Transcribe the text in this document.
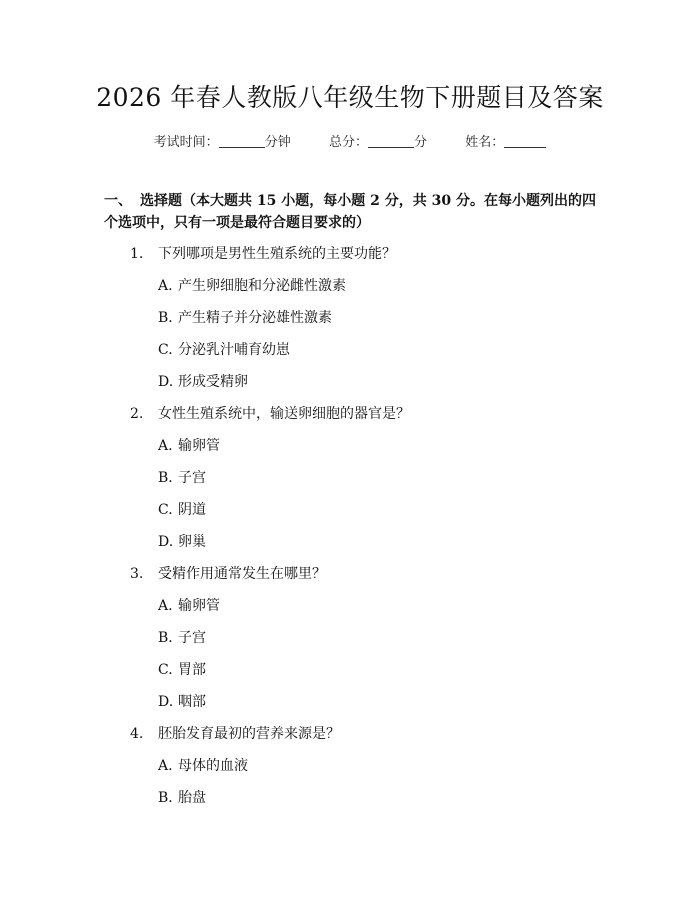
2026 年春人教版八年级生物下册题目及答案
考试时间：	分钟	总分：	分	姓名：
一、 选择题（本大题共 15 小题，每小题 2 分，共 30 分。在每小题列出的四个选项中，只有一项是最符合题目要求的）
1. 下列哪项是男性生殖系统的主要功能？
A. 产生卵细胞和分泌雌性激素
B. 产生精子并分泌雄性激素
C. 分泌乳汁哺育幼崽
D. 形成受精卵
2. 女性生殖系统中，输送卵细胞的器官是？
A. 输卵管
B. 子宫
C. 阴道
D. 卵巢
3. 受精作用通常发生在哪里？
A. 输卵管
B. 子宫
C. 胃部
D. 咽部
4. 胚胎发育最初的营养来源是？
A. 母体的血液
B. 胎盘
